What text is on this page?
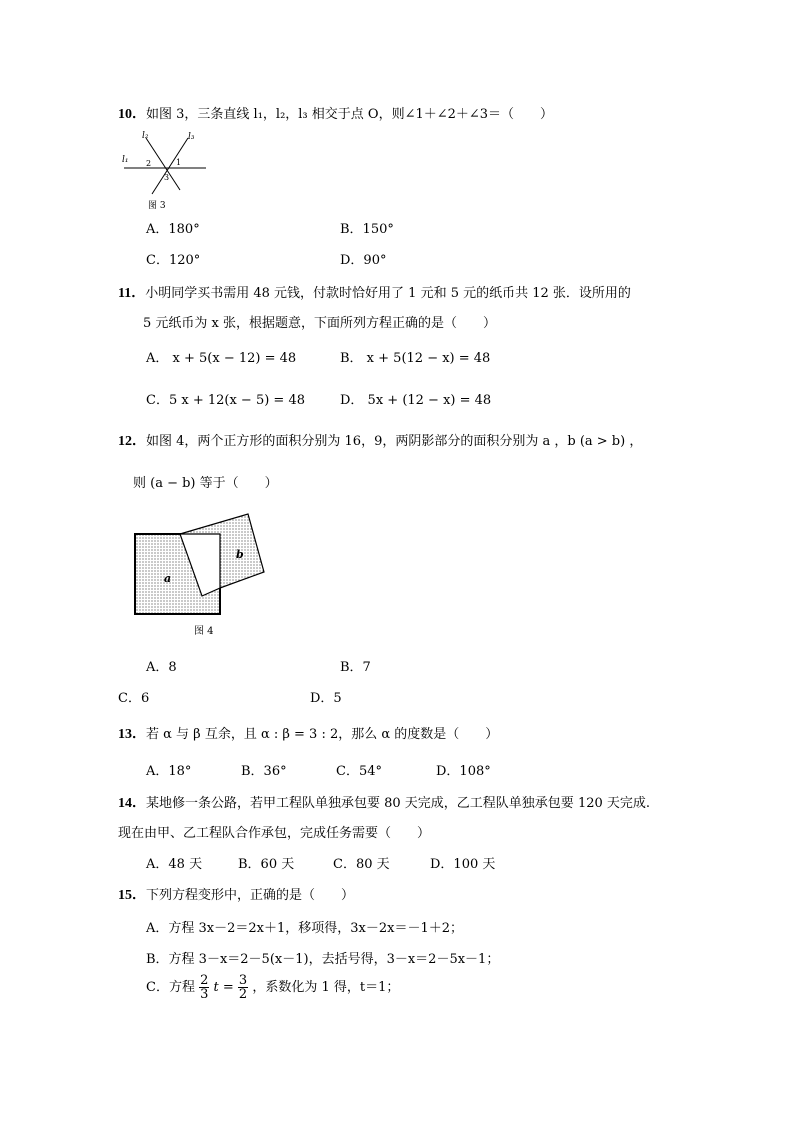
10．如图 3，三条直线 l₁，l₂，l₃ 相交于点 O，则∠1＋∠2＋∠3＝（　　）
l₂	l₃
l₁ 2	1
3
图 3
A．180°	B．150°
C．120°	D．90°
11．小明同学买书需用 48 元钱，付款时恰好用了 1 元和 5 元的纸币共 12 张．设所用的
5 元纸币为 x 张，根据题意，下面所列方程正确的是（　　）
A． x + 5(x − 12) = 48	B． x + 5(12 − x) = 48
C．5 x + 12(x − 5) = 48	D． 5x + (12 − x) = 48
12．如图 4，两个正方形的面积分别为 16，9，两阴影部分的面积分别为 a ，b (a > b) ，
则 (a − b) 等于（　　）
a
b
图 4
A．8	B．7
C．6	D．5
13．若 α 与 β 互余，且 α : β = 3 : 2，那么 α 的度数是（　　）
A．18°	B．36°	C．54°	D．108°
14．某地修一条公路，若甲工程队单独承包要 80 天完成，乙工程队单独承包要 120 天完成.
现在由甲、乙工程队合作承包，完成任务需要（　　）
A．48 天	B．60 天	C．80 天	D．100 天
15．下列方程变形中，正确的是（　　）
A．方程 3x－2＝2x＋1，移项得，3x－2x＝－1＋2；
B．方程 3－x＝2－5(x－1)，去括号得，3－x＝2－5x－1；
C．方程 $\frac{2}{3}$ $t = \frac{3}{2}$ ，系数化为 1 得，t＝1；
